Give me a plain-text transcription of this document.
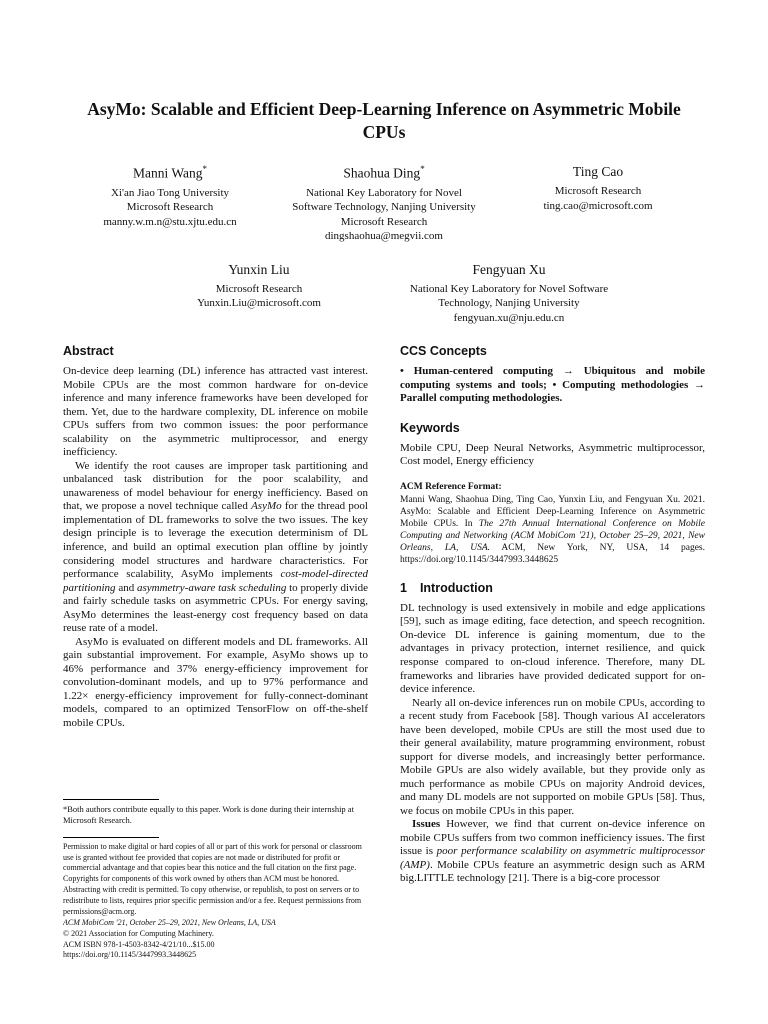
AsyMo: Scalable and Efficient Deep-Learning Inference on Asymmetric Mobile CPUs
Manni Wang*
Xi'an Jiao Tong University
Microsoft Research
manny.w.m.n@stu.xjtu.edu.cn
Shaohua Ding*
National Key Laboratory for Novel Software Technology, Nanjing University
Microsoft Research
dingshaohua@megvii.com
Ting Cao
Microsoft Research
ting.cao@microsoft.com
Yunxin Liu
Microsoft Research
Yunxin.Liu@microsoft.com
Fengyuan Xu
National Key Laboratory for Novel Software Technology, Nanjing University
fengyuan.xu@nju.edu.cn
Abstract

On-device deep learning (DL) inference has attracted vast interest. Mobile CPUs are the most common hardware for on-device inference and many inference frameworks have been developed for them. Yet, due to the hardware complexity, DL inference on mobile CPUs suffers from two common issues: the poor performance scalability on the asymmetric multiprocessor, and energy inefficiency.

We identify the root causes are improper task partitioning and unbalanced task distribution for the poor scalability, and unawareness of model behaviour for energy inefficiency. Based on that, we propose a novel technique called AsyMo for the thread pool implementation of DL frameworks to solve the two issues. The key design principle is to leverage the execution determinism of DL inference, and build an optimal execution plan offline by jointly considering model structures and hardware characteristics. For performance scalability, AsyMo implements cost-model-directed partitioning and asymmetry-aware task scheduling to properly divide and fairly schedule tasks on asymmetric CPUs. For energy saving, AsyMo determines the least-energy cost frequency based on data reuse rate of a model.

AsyMo is evaluated on different models and DL frameworks. All gain substantial improvement. For example, AsyMo shows up to 46% performance and 37% energy-efficiency improvement for convolution-dominant models, and up to 97% performance and 1.22× energy-efficiency improvement for fully-connect-dominant models, compared to an optimized TensorFlow on off-the-shelf mobile CPUs.

*Both authors contribute equally to this paper. Work is done during their internship at Microsoft Research.

Permission to make digital or hard copies of all or part of this work for personal or classroom use is granted without fee provided that copies are not made or distributed for profit or commercial advantage and that copies bear this notice and the full citation on the first page. Copyrights for components of this work owned by others than ACM must be honored. Abstracting with credit is permitted. To copy otherwise, or republish, to post on servers or to redistribute to lists, requires prior specific permission and/or a fee. Request permissions from permissions@acm.org.

ACM MobiCom '21, October 25–29, 2021, New Orleans, LA, USA

© 2021 Association for Computing Machinery.

ACM ISBN 978-1-4503-8342-4/21/10...$15.00

https://doi.org/10.1145/3447993.3448625

CCS Concepts

• Human-centered computing → Ubiquitous and mobile computing systems and tools; • Computing methodologies → Parallel computing methodologies.

Keywords

Mobile CPU, Deep Neural Networks, Asymmetric multiprocessor, Cost model, Energy efficiency

ACM Reference Format:

Manni Wang, Shaohua Ding, Ting Cao, Yunxin Liu, and Fengyuan Xu. 2021. AsyMo: Scalable and Efficient Deep-Learning Inference on Asymmetric Mobile CPUs. In The 27th Annual International Conference on Mobile Computing and Networking (ACM MobiCom '21), October 25–29, 2021, New Orleans, LA, USA. ACM, New York, NY, USA, 14 pages. https://doi.org/10.1145/3447993.3448625

1 Introduction

DL technology is used extensively in mobile and edge applications [59], such as image editing, face detection, and speech recognition. On-device DL inference is gaining momentum, due to the advantages in privacy protection, internet resilience, and quick response compared to on-cloud inference. Therefore, many DL frameworks and libraries have provided dedicated support for on-device inference.

Nearly all on-device inferences run on mobile CPUs, according to a recent study from Facebook [58]. Though various AI accelerators have been developed, mobile CPUs are still the most used due to their general availability, mature programming environment, robust support for diverse models, and increasingly better performance. Mobile GPUs are also widely available, but they provide only as much performance as mobile CPUs on majority Android devices, and many DL models are not supported on mobile GPUs [58]. Thus, we focus on mobile CPUs in this paper.

Issues However, we find that current on-device inference on mobile CPUs suffers from two common inefficiency issues. The first issue is poor performance scalability on asymmetric multiprocessor (AMP). Mobile CPUs feature an asymmetric design such as ARM big.LITTLE technology [21]. There is a big-core processor
